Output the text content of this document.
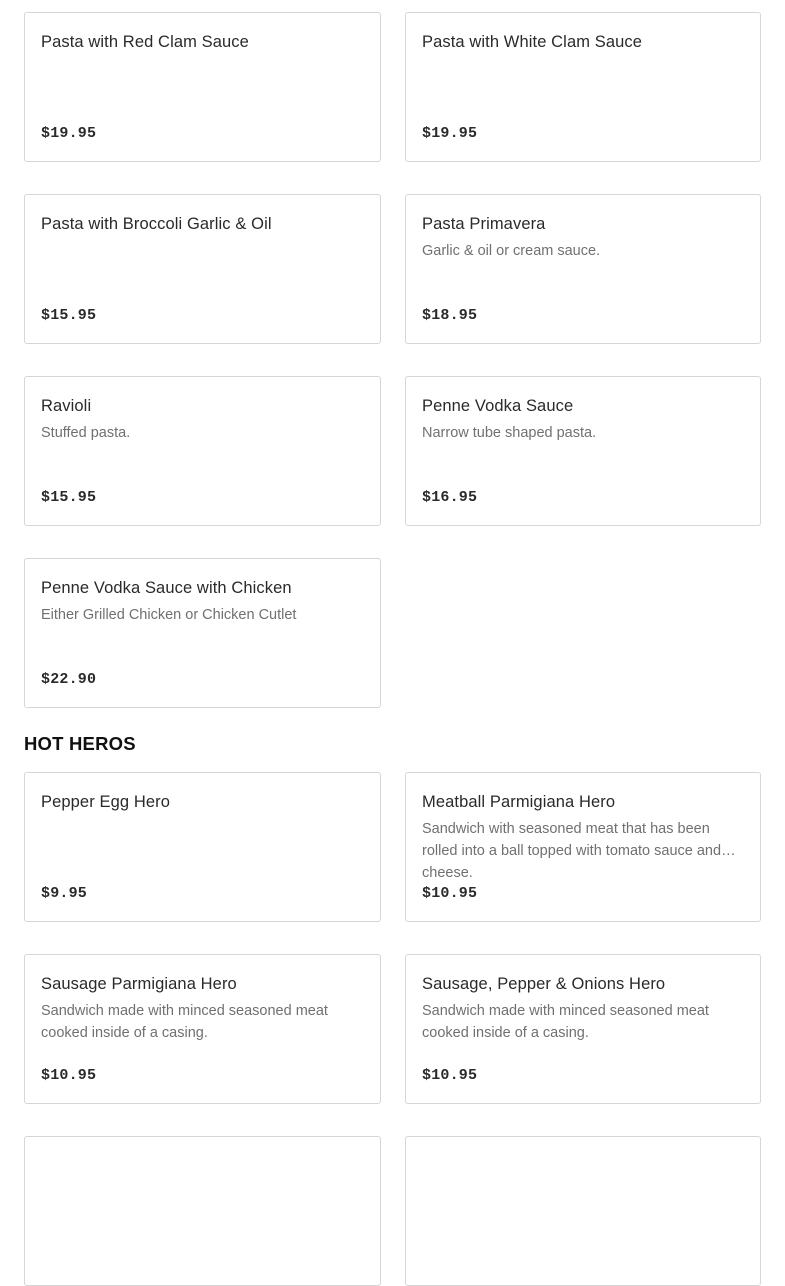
Pasta with Red Clam Sauce
$19.95
Pasta with White Clam Sauce
$19.95
Pasta with Broccoli Garlic & Oil
$15.95
Pasta Primavera
Garlic & oil or cream sauce.
$18.95
Ravioli
Stuffed pasta.
$15.95
Penne Vodka Sauce
Narrow tube shaped pasta.
$16.95
Penne Vodka Sauce with Chicken
Either Grilled Chicken or Chicken Cutlet
$22.90
HOT HEROS
Pepper Egg Hero
$9.95
Meatball Parmigiana Hero
Sandwich with seasoned meat that has been rolled into a ball topped with tomato sauce and cheese.
$10.95
Sausage Parmigiana Hero
Sandwich made with minced seasoned meat cooked inside of a casing.
$10.95
Sausage, Pepper & Onions Hero
Sandwich made with minced seasoned meat cooked inside of a casing.
$10.95
